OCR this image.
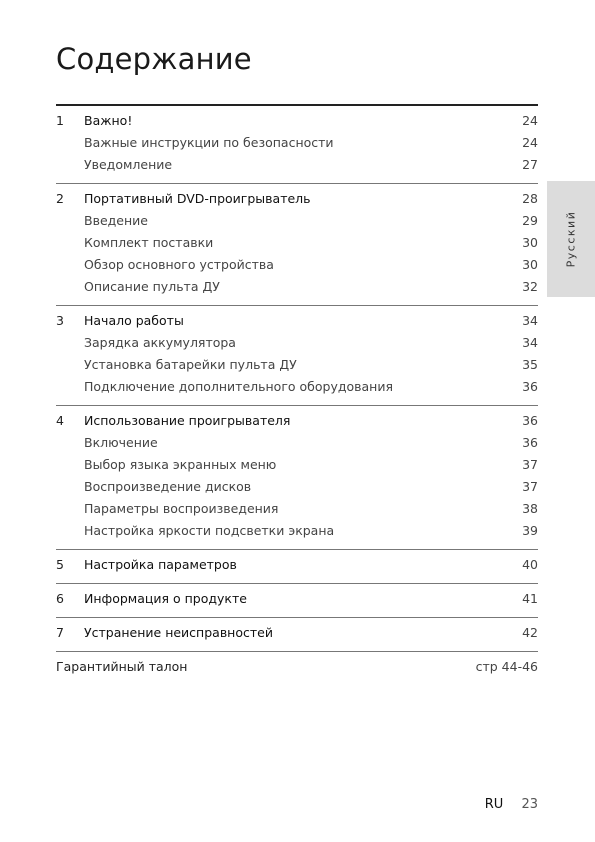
Содержание
1 Важно!	24
Важные инструкции по безопасности	24
Уведомление	27
2 Портативный DVD-проигрыватель	28
Введение	29
Комплект поставки	30
Обзор основного устройства	30
Описание пульта ДУ	32
3 Начало работы	34
Зарядка аккумулятора	34
Установка батарейки пульта ДУ	35
Подключение дополнительного оборудования	36
4 Использование проигрывателя	36
Включение	36
Выбор языка экранных меню	37
Воспроизведение дисков	37
Параметры воспроизведения	38
Настройка яркости подсветки экрана	39
5 Настройка параметров	40
6 Информация о продукте	41
7 Устранение неисправностей	42
Гарантийный талон	стр 44-46
Русский
RU 23
